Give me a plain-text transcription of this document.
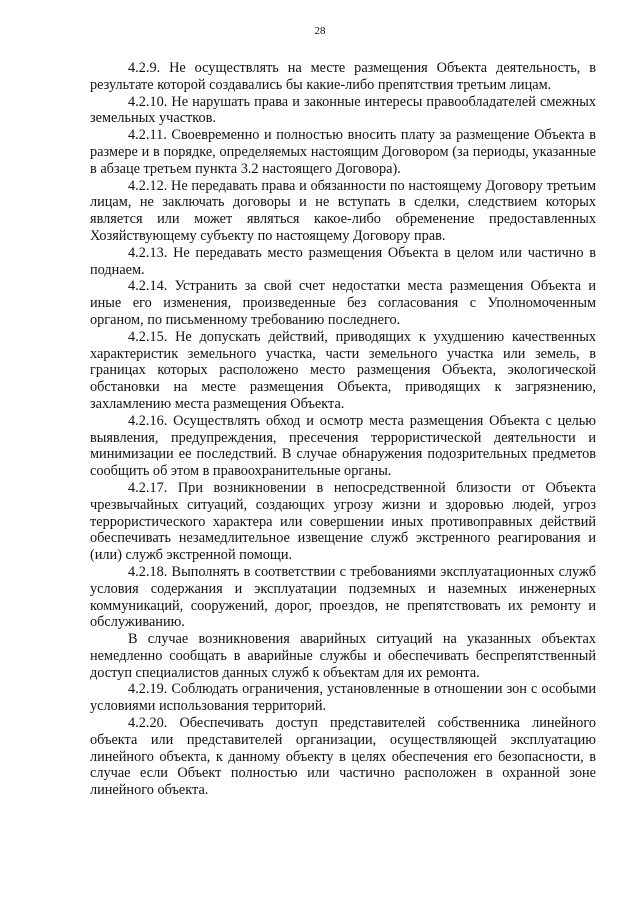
28

4.2.9. Не осуществлять на месте размещения Объекта деятельность, в результате которой создавались бы какие-либо препятствия третьим лицам.

4.2.10. Не нарушать права и законные интересы правообладателей смежных земельных участков.

4.2.11. Своевременно и полностью вносить плату за размещение Объекта в размере и в порядке, определяемых настоящим Договором (за периоды, указанные в абзаце третьем пункта 3.2 настоящего Договора).

4.2.12. Не передавать права и обязанности по настоящему Договору третьим лицам, не заключать договоры и не вступать в сделки, следствием которых является или может являться какое-либо обременение предоставленных Хозяйствующему субъекту по настоящему Договору прав.

4.2.13. Не передавать место размещения Объекта в целом или частично в поднаем.

4.2.14. Устранить за свой счет недостатки места размещения Объекта и иные его изменения, произведенные без согласования с Уполномоченным органом, по письменному требованию последнего.

4.2.15. Не допускать действий, приводящих к ухудшению качественных характеристик земельного участка, части земельного участка или земель, в границах которых расположено место размещения Объекта, экологической обстановки на месте размещения Объекта, приводящих к загрязнению, захламлению места размещения Объекта.

4.2.16. Осуществлять обход и осмотр места размещения Объекта с целью выявления, предупреждения, пресечения террористической деятельности и минимизации ее последствий. В случае обнаружения подозрительных предметов сообщить об этом в правоохранительные органы.

4.2.17. При возникновении в непосредственной близости от Объекта чрезвычайных ситуаций, создающих угрозу жизни и здоровью людей, угроз террористического характера или совершении иных противоправных действий обеспечивать незамедлительное извещение служб экстренного реагирования и (или) служб экстренной помощи.

4.2.18. Выполнять в соответствии с требованиями эксплуатационных служб условия содержания и эксплуатации подземных и наземных инженерных коммуникаций, сооружений, дорог, проездов, не препятствовать их ремонту и обслуживанию.

В случае возникновения аварийных ситуаций на указанных объектах немедленно сообщать в аварийные службы и обеспечивать беспрепятственный доступ специалистов данных служб к объектам для их ремонта.

4.2.19. Соблюдать ограничения, установленные в отношении зон с особыми условиями использования территорий.

4.2.20. Обеспечивать доступ представителей собственника линейного объекта или представителей организации, осуществляющей эксплуатацию линейного объекта, к данному объекту в целях обеспечения его безопасности, в случае если Объект полностью или частично расположен в охранной зоне линейного объекта.
